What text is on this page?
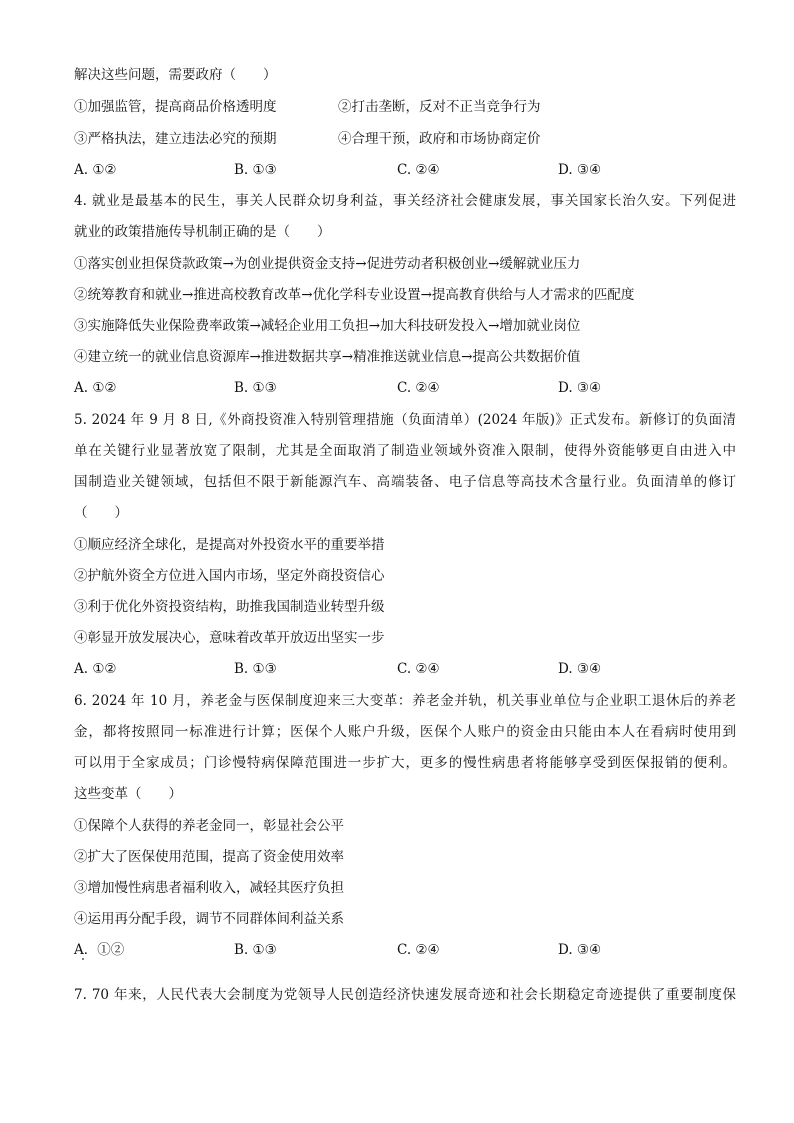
解决这些问题，需要政府（　　）
①加强监管，提高商品价格透明度	②打击垄断，反对不正当竞争行为
③严格执法，建立违法必究的预期	④合理干预，政府和市场协商定价
A. ①②	B. ①③	C. ②④	D. ③④
4. 就业是最基本的民生，事关人民群众切身利益，事关经济社会健康发展，事关国家长治久安。下列促进
就业的政策措施传导机制正确的是（　　）
①落实创业担保贷款政策→为创业提供资金支持→促进劳动者积极创业→缓解就业压力
②统筹教育和就业→推进高校教育改革→优化学科专业设置→提高教育供给与人才需求的匹配度
③实施降低失业保险费率政策→减轻企业用工负担→加大科技研发投入→增加就业岗位
④建立统一的就业信息资源库→推进数据共享→精准推送就业信息→提高公共数据价值
A. ①②	B. ①③	C. ②④	D. ③④
5. 2024 年 9 月 8 日,《外商投资准入特别管理措施（负面清单）(2024 年版)》正式发布。新修订的负面清
单在关键行业显著放宽了限制，尤其是全面取消了制造业领域外资准入限制，使得外资能够更自由进入中
国制造业关键领域，包括但不限于新能源汽车、高端装备、电子信息等高技术含量行业。负面清单的修订
（　　）
①顺应经济全球化，是提高对外投资水平的重要举措
②护航外资全方位进入国内市场，坚定外商投资信心
③利于优化外资投资结构，助推我国制造业转型升级
④彰显开放发展决心，意味着改革开放迈出坚实一步
A. ①②	B. ①③	C. ②④	D. ③④
6. 2024 年 10 月，养老金与医保制度迎来三大变革：养老金并轨，机关事业单位与企业职工退休后的养老
金，都将按照同一标准进行计算；医保个人账户升级，医保个人账户的资金由只能由本人在看病时使用到
可以用于全家成员；门诊慢特病保障范围进一步扩大，更多的慢性病患者将能够享受到医保报销的便利。
这些变革（　　）
①保障个人获得的养老金同一，彰显社会公平
②扩大了医保使用范围，提高了资金使用效率
③增加慢性病患者福利收入，减轻其医疗负担
④运用再分配手段，调节不同群体间利益关系
A．①②	B. ①③	C. ②④	D. ③④
7. 70 年来，人民代表大会制度为党领导人民创造经济快速发展奇迹和社会长期稳定奇迹提供了重要制度保
